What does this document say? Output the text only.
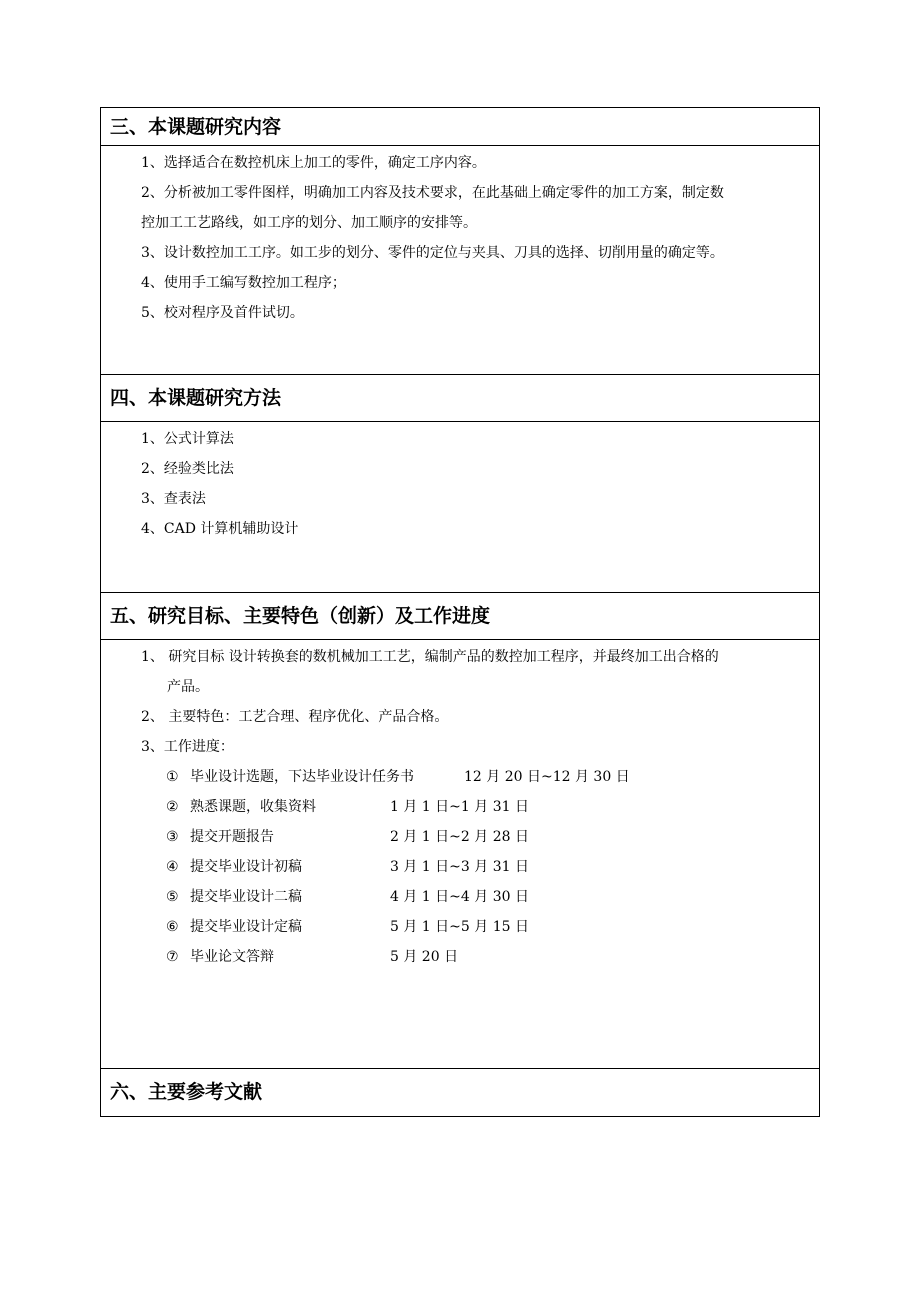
三、本课题研究内容
1、选择适合在数控机床上加工的零件，确定工序内容。
2、分析被加工零件图样，明确加工内容及技术要求，在此基础上确定零件的加工方案，制定数
控加工工艺路线，如工序的划分、加工顺序的安排等。
3、设计数控加工工序。如工步的划分、零件的定位与夹具、刀具的选择、切削用量的确定等。
4、使用手工编写数控加工程序；
5、校对程序及首件试切。
四、本课题研究方法
1、公式计算法
2、经验类比法
3、查表法
4、CAD 计算机辅助设计
五、研究目标、主要特色（创新）及工作进度
1、 研究目标 设计转换套的数机械加工工艺，编制产品的数控加工程序，并最终加工出合格的
产品。
2、 主要特色：工艺合理、程序优化、产品合格。
3、工作进度：
① 毕业设计选题，下达毕业设计任务书	12 月 20 日~12 月 30 日
② 熟悉课题，收集资料	1 月 1 日~1 月 31 日
③ 提交开题报告	2 月 1 日~2 月 28 日
④ 提交毕业设计初稿	3 月 1 日~3 月 31 日
⑤ 提交毕业设计二稿	4 月 1 日~4 月 30 日
⑥ 提交毕业设计定稿	5 月 1 日~5 月 15 日
⑦ 毕业论文答辩	5 月 20 日
六、主要参考文献
